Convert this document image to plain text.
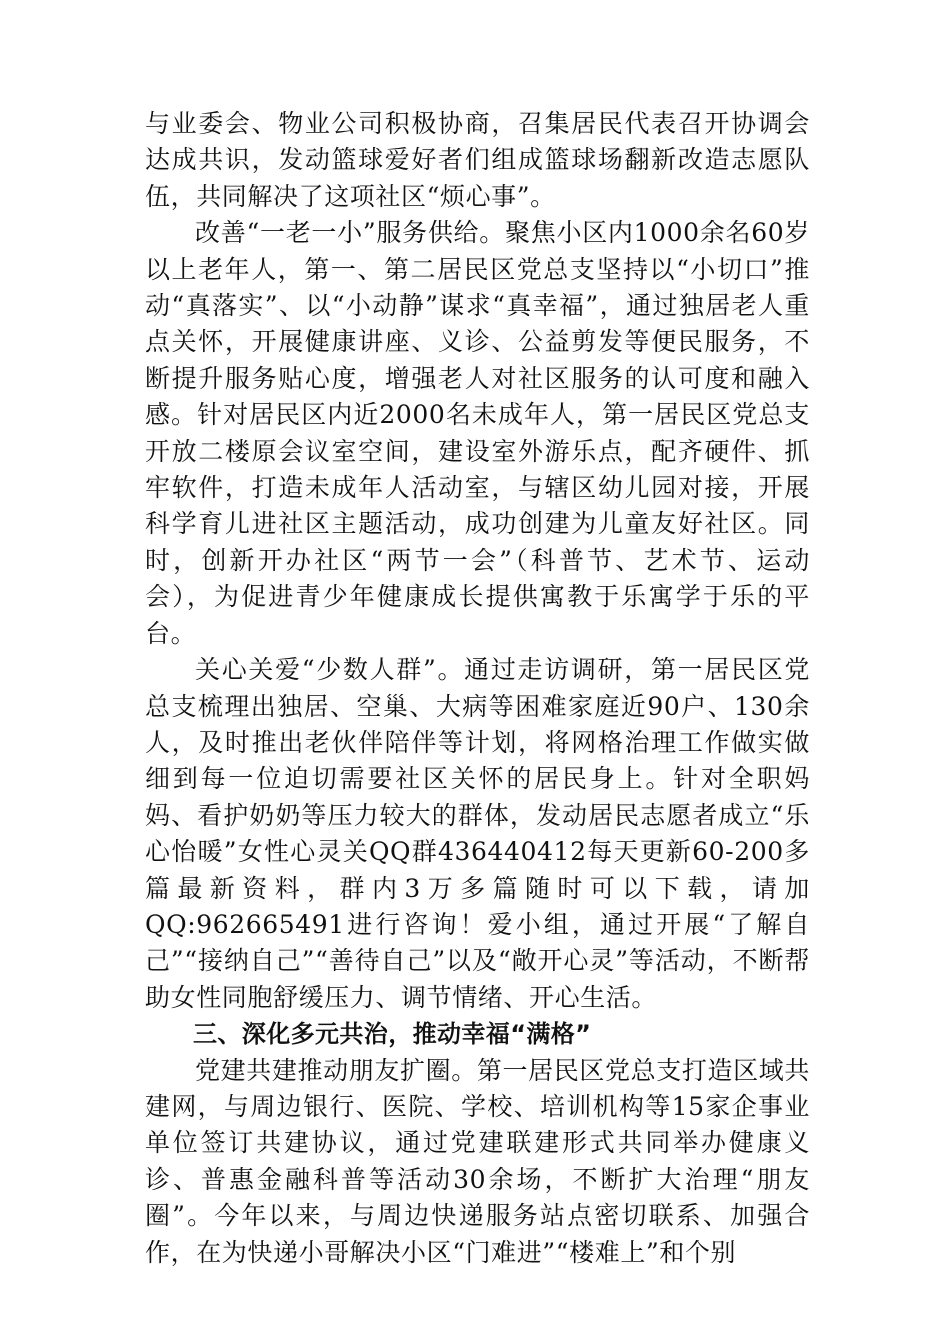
与业委会、物业公司积极协商，召集居民代表召开协调会达成共识，发动篮球爱好者们组成篮球场翻新改造志愿队伍，共同解决了这项社区“烦心事”。

改善“一老一小”服务供给。聚焦小区内1000余名60岁以上老年人，第一、第二居民区党总支坚持以“小切口”推动“真落实”、以“小动静”谋求“真幸福”，通过独居老人重点关怀，开展健康讲座、义诊、公益剪发等便民服务，不断提升服务贴心度，增强老人对社区服务的认可度和融入感。针对居民区内近2000名未成年人，第一居民区党总支开放二楼原会议室空间，建设室外游乐点，配齐硬件、抓牢软件，打造未成年人活动室，与辖区幼儿园对接，开展科学育儿进社区主题活动，成功创建为儿童友好社区。同时，创新开办社区“两节一会”（科普节、艺术节、运动会），为促进青少年健康成长提供寓教于乐寓学于乐的平台。

关心关爱“少数人群”。通过走访调研，第一居民区党总支梳理出独居、空巢、大病等困难家庭近90户、130余人，及时推出老伙伴陪伴等计划，将网格治理工作做实做细到每一位迫切需要社区关怀的居民身上。针对全职妈妈、看护奶奶等压力较大的群体，发动居民志愿者成立“乐心怡暖”女性心灵关QQ群436440412每天更新60-200多篇最新资料，群内3万多篇随时可以下载，请加QQ:962665491进行咨询！爱小组，通过开展“了解自己”“接纳自己”“善待自己”以及“敞开心灵”等活动，不断帮助女性同胞舒缓压力、调节情绪、开心生活。

三、深化多元共治，推动幸福“满格”

党建共建推动朋友扩圈。第一居民区党总支打造区域共建网，与周边银行、医院、学校、培训机构等15家企事业单位签订共建协议，通过党建联建形式共同举办健康义诊、普惠金融科普等活动30余场，不断扩大治理“朋友圈”。今年以来，与周边快递服务站点密切联系、加强合作，在为快递小哥解决小区“门难进”“楼难上”和个别
